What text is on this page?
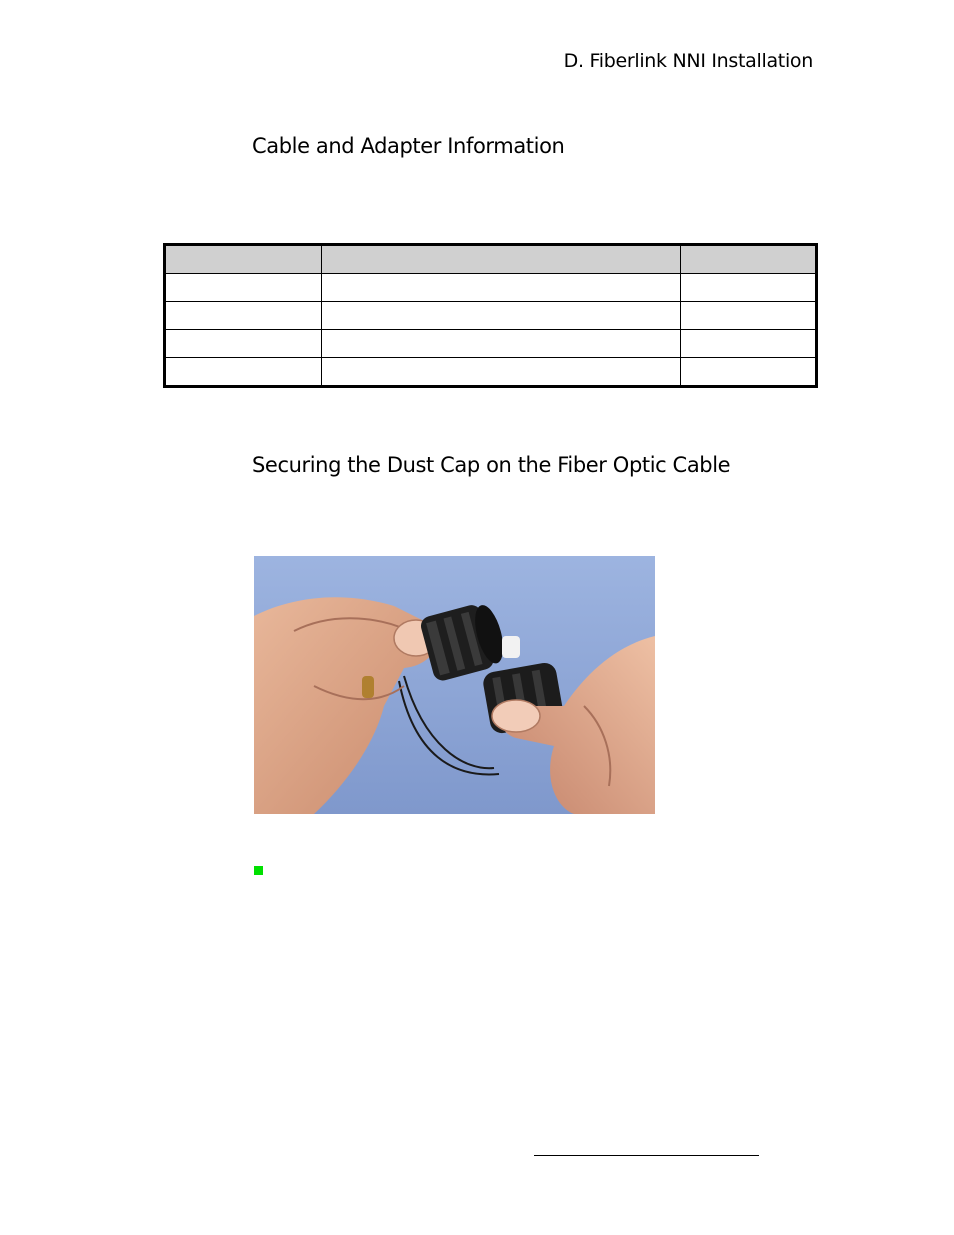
D. Fiberlink NNI Installation
Cable and Adapter Information

Securing the Dust Cap on the Fiber Optic Cable
